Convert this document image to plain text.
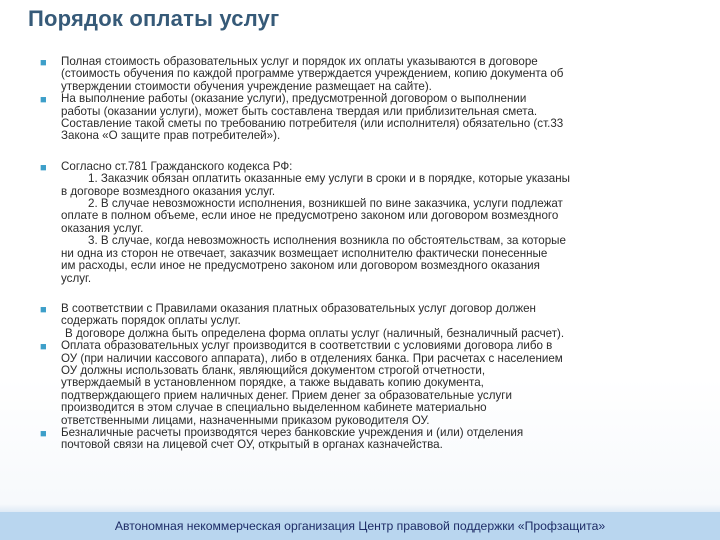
Порядок оплаты услуг
■ Полная стоимость образовательных услуг и порядок их оплаты указываются в договоре
(стоимость обучения по каждой программе утверждается учреждением, копию документа об
утверждении стоимости обучения учреждение размещает на сайте).
■ На выполнение работы (оказание услуги), предусмотренной договором о выполнении
работы (оказании услуги), может быть составлена твердая или приблизительная смета.
Составление такой сметы по требованию потребителя (или исполнителя) обязательно (ст.33
Закона «О защите прав потребителей»).
■ Согласно ст.781 Гражданского кодекса РФ:
1. Заказчик обязан оплатить оказанные ему услуги в сроки и в порядке, которые указаны
в договоре возмездного оказания услуг.
2. В случае невозможности исполнения, возникшей по вине заказчика, услуги подлежат
оплате в полном объеме, если иное не предусмотрено законом или договором возмездного
оказания услуг.
3. В случае, когда невозможность исполнения возникла по обстоятельствам, за которые
ни одна из сторон не отвечает, заказчик возмещает исполнителю фактически понесенные
им расходы, если иное не предусмотрено законом или договором возмездного оказания
услуг.
■ В соответствии с Правилами оказания платных образовательных услуг договор должен
содержать порядок оплаты услуг.
В договоре должна быть определена форма оплаты услуг (наличный, безналичный расчет).
■ Оплата образовательных услуг производится в соответствии с условиями договора либо в
ОУ (при наличии кассового аппарата), либо в отделениях банка. При расчетах с населением
ОУ должны использовать бланк, являющийся документом строгой отчетности,
утверждаемый в установленном порядке, а также выдавать копию документа,
подтверждающего прием наличных денег. Прием денег за образовательные услуги
производится в этом случае в специально выделенном кабинете материально
ответственными лицами, назначенными приказом руководителя ОУ.
■ Безналичные расчеты производятся через банковские учреждения и (или) отделения
почтовой связи на лицевой счет ОУ, открытый в органах казначейства.
Автономная некоммерческая организация Центр правовой поддержки «Профзащита»
